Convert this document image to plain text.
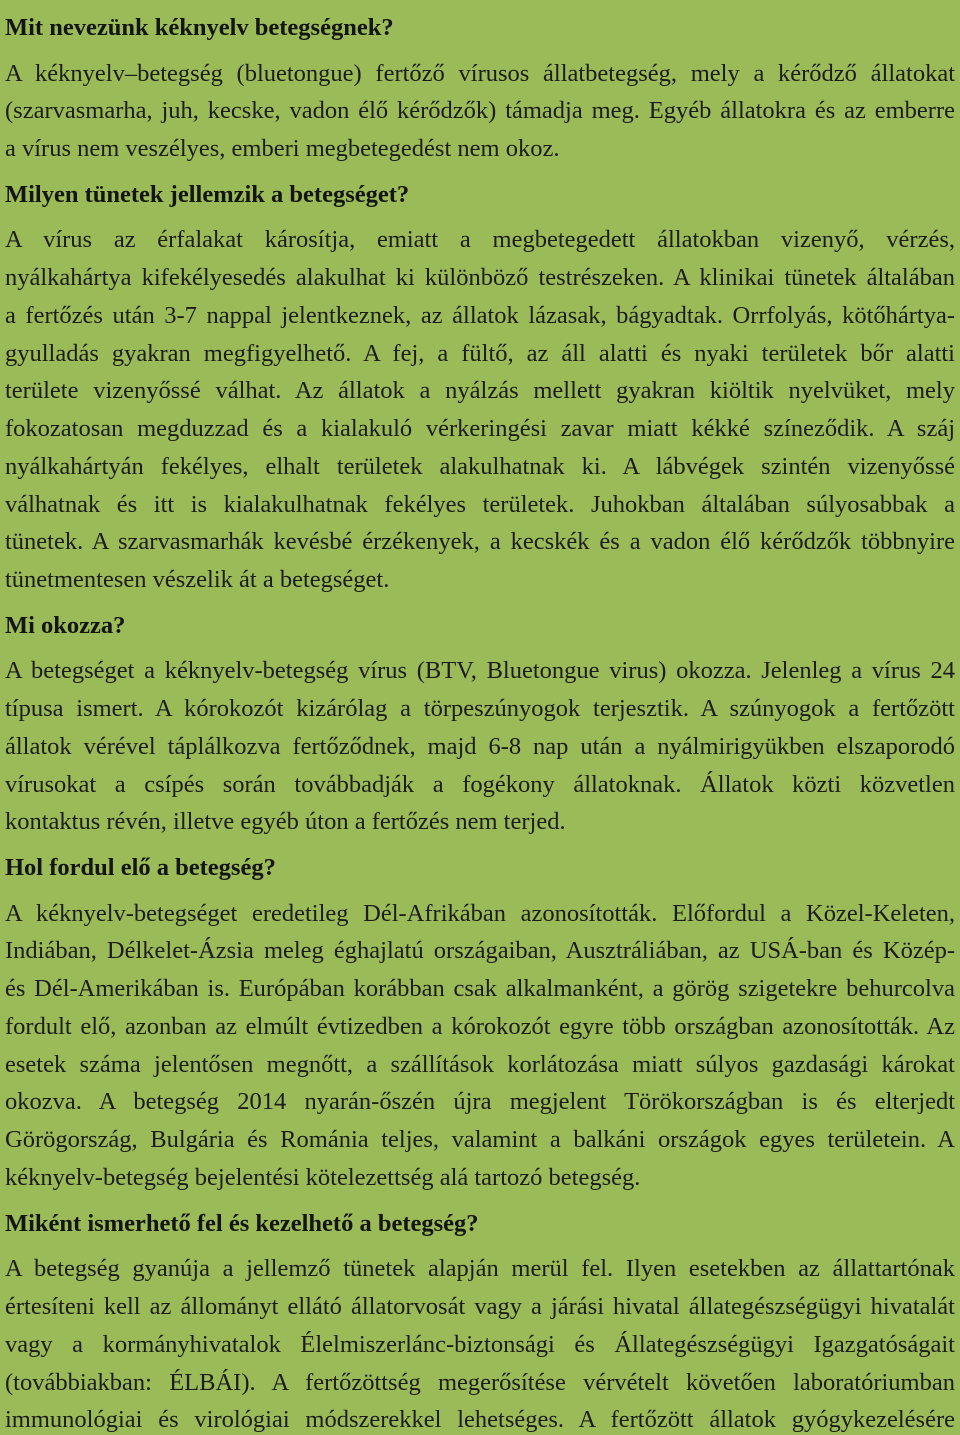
Mit nevezünk kéknyelv betegségnek?
A kéknyelv–betegség (bluetongue) fertőző vírusos állatbetegség, mely a kérődző állatokat
(szarvasmarha, juh, kecske, vadon élő kérődzők) támadja meg. Egyéb állatokra és az emberre
a vírus nem veszélyes, emberi megbetegedést nem okoz.
Milyen tünetek jellemzik a betegséget?
A vírus az érfalakat károsítja, emiatt a megbetegedett állatokban vizenyő, vérzés,
nyálkahártya kifekélyesedés alakulhat ki különböző testrészeken. A klinikai tünetek általában
a fertőzés után 3-7 nappal jelentkeznek, az állatok lázasak, bágyadtak. Orrfolyás, kötőhártya-
gyulladás gyakran megfigyelhető. A fej, a fültő, az áll alatti és nyaki területek bőr alatti
területe vizenyőssé válhat. Az állatok a nyálzás mellett gyakran kiöltik nyelvüket, mely
fokozatosan megduzzad és a kialakuló vérkeringési zavar miatt kékké színeződik. A száj
nyálkahártyán fekélyes, elhalt területek alakulhatnak ki. A lábvégek szintén vizenyőssé
válhatnak és itt is kialakulhatnak fekélyes területek. Juhokban általában súlyosabbak a
tünetek. A szarvasmarhák kevésbé érzékenyek, a kecskék és a vadon élő kérődzők többnyire
tünetmentesen vészelik át a betegséget.
Mi okozza?
A betegséget a kéknyelv-betegség vírus (BTV, Bluetongue virus) okozza. Jelenleg a vírus 24
típusa ismert. A kórokozót kizárólag a törpeszúnyogok terjesztik. A szúnyogok a fertőzött
állatok vérével táplálkozva fertőződnek, majd 6-8 nap után a nyálmirigyükben elszaporodó
vírusokat a csípés során továbbadják a fogékony állatoknak. Állatok közti közvetlen
kontaktus révén, illetve egyéb úton a fertőzés nem terjed.
Hol fordul elő a betegség?
A kéknyelv-betegséget eredetileg Dél-Afrikában azonosították. Előfordul a Közel-Keleten,
Indiában, Délkelet-Ázsia meleg éghajlatú országaiban, Ausztráliában, az USÁ-ban és Közép-
és Dél-Amerikában is. Európában korábban csak alkalmanként, a görög szigetekre behurcolva
fordult elő, azonban az elmúlt évtizedben a kórokozót egyre több országban azonosították. Az
esetek száma jelentősen megnőtt, a szállítások korlátozása miatt súlyos gazdasági károkat
okozva. A betegség 2014 nyarán-őszén újra megjelent Törökországban is és elterjedt
Görögország, Bulgária és Románia teljes, valamint a balkáni országok egyes területein. A
kéknyelv-betegség bejelentési kötelezettség alá tartozó betegség.
Miként ismerhető fel és kezelhető a betegség?
A betegség gyanúja a jellemző tünetek alapján merül fel. Ilyen esetekben az állattartónak
értesíteni kell az állományt ellátó állatorvosát vagy a járási hivatal állategészségügyi hivatalát
vagy a kormányhivatalok Élelmiszerlánc-biztonsági és Állategészségügyi Igazgatóságait
(továbbiakban: ÉLBÁI). A fertőzöttség megerősítése vérvételt követően laboratóriumban
immunológiai és virológiai módszerekkel lehetséges. A fertőzött állatok gyógykezelésére
